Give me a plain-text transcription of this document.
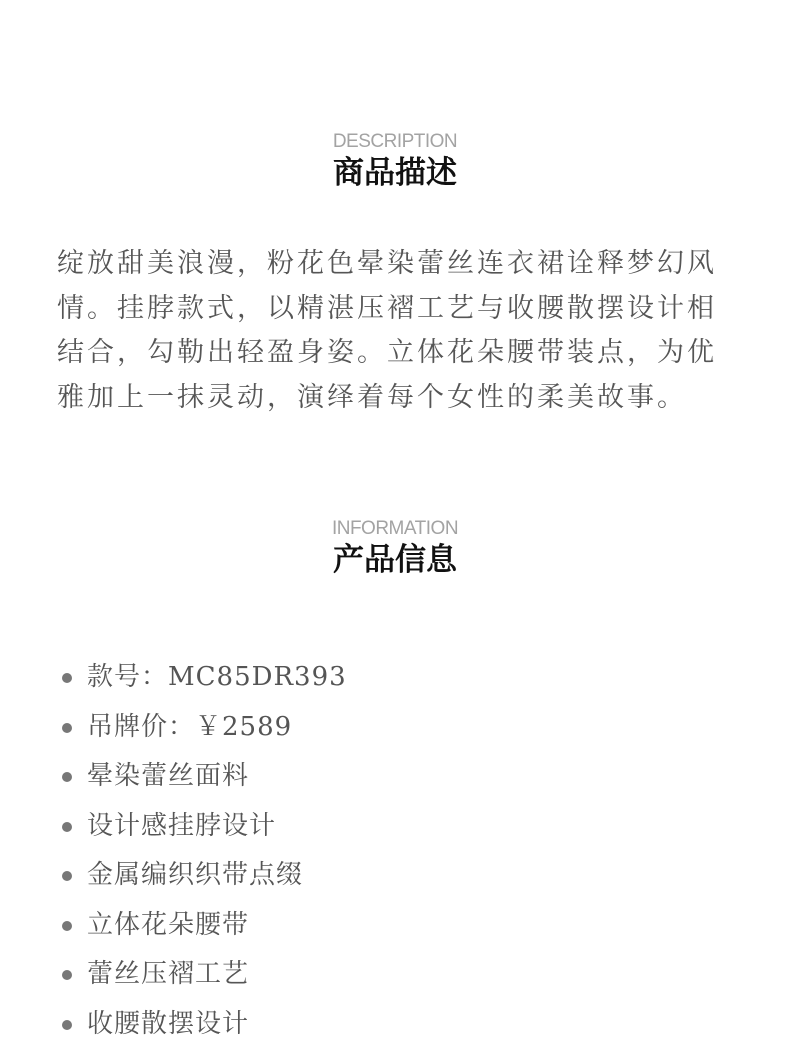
DESCRIPTION
商品描述

绽放甜美浪漫，粉花色晕染蕾丝连衣裙诠释梦幻风情。挂脖款式，以精湛压褶工艺与收腰散摆设计相结合，勾勒出轻盈身姿。立体花朵腰带装点，为优雅加上一抹灵动，演绎着每个女性的柔美故事。

INFORMATION
产品信息
款号：MC85DR393
吊牌价：￥2589
晕染蕾丝面料
设计感挂脖设计
金属编织织带点缀
立体花朵腰带
蕾丝压褶工艺
收腰散摆设计
